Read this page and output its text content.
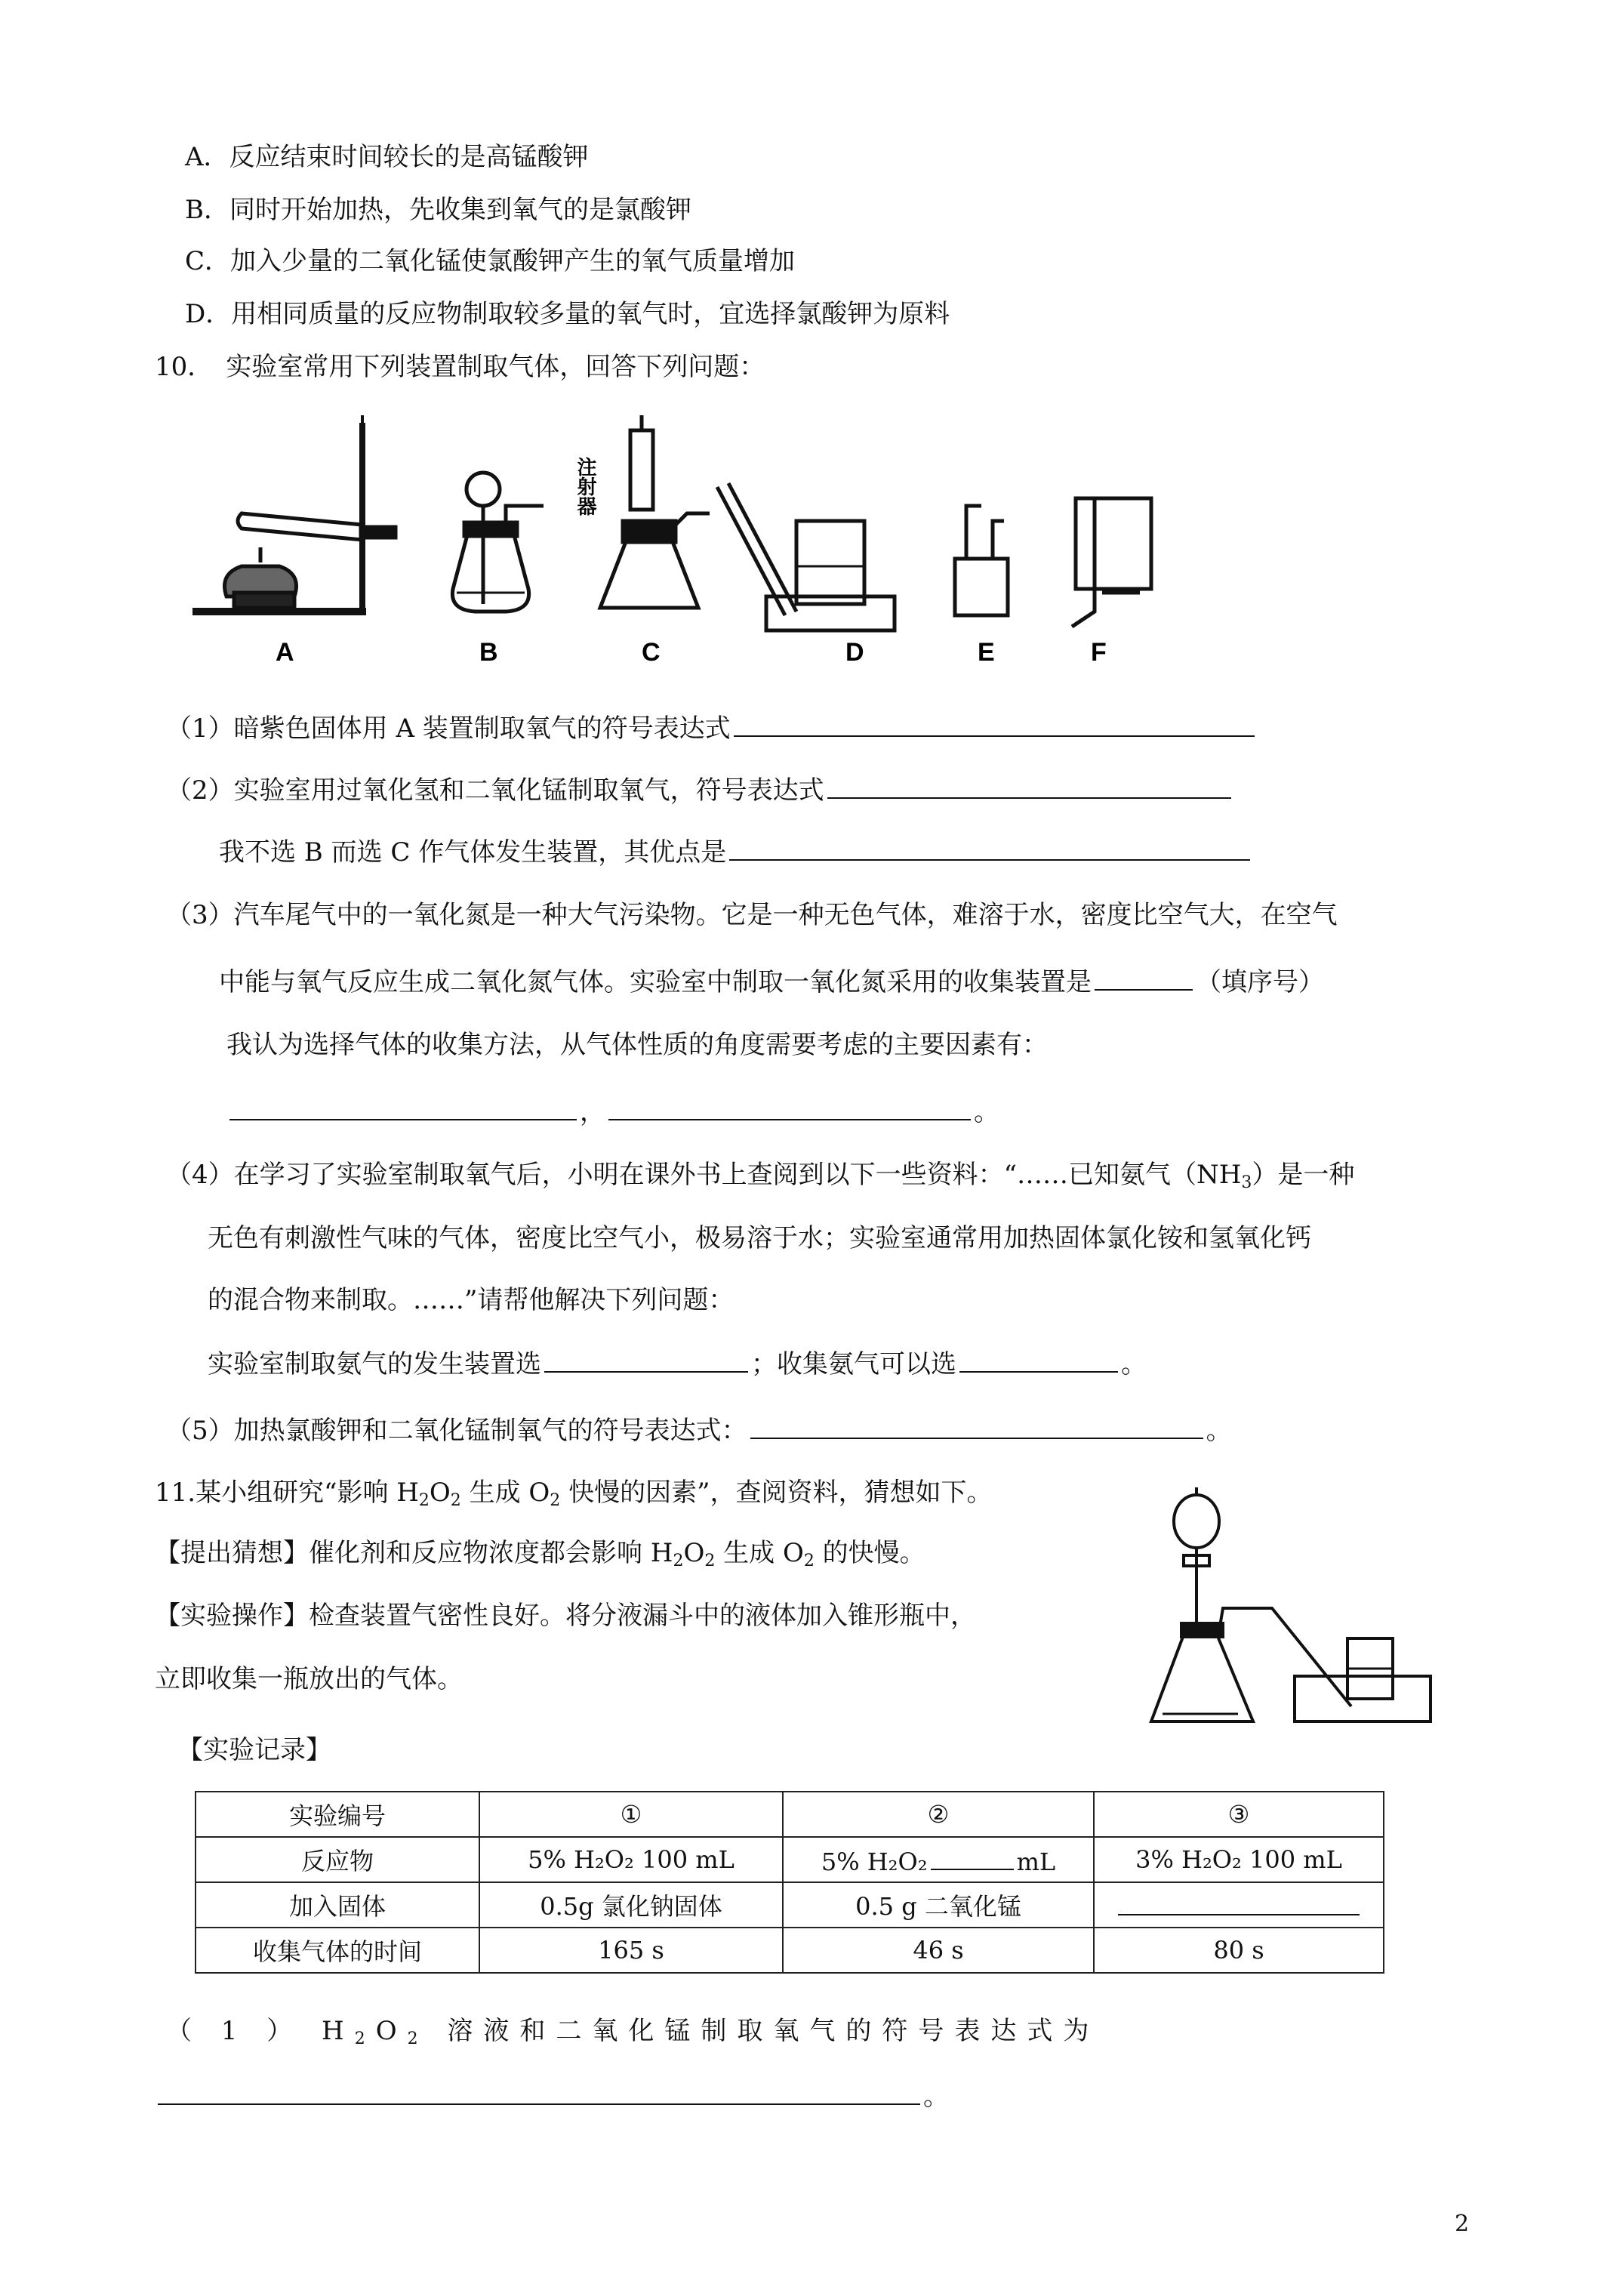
A．反应结束时间较长的是高锰酸钾
B．同时开始加热，先收集到氧气的是氯酸钾
C．加入少量的二氧化锰使氯酸钾产生的氧气质量增加
D．用相同质量的反应物制取较多量的氧气时，宜选择氯酸钾为原料
10．　实验室常用下列装置制取气体，回答下列问题：
A	B	C	D	E	F
注射器
（1）暗紫色固体用 A 装置制取氧气的符号表达式
（2）实验室用过氧化氢和二氧化锰制取氧气，符号表达式
我不选 B 而选 C 作气体发生装置，其优点是
（3）汽车尾气中的一氧化氮是一种大气污染物。它是一种无色气体，难溶于水，密度比空气大，在空气
中能与氧气反应生成二氧化氮气体。实验室中制取一氧化氮采用的收集装置是	（填序号）
我认为选择气体的收集方法，从气体性质的角度需要考虑的主要因素有：
，	。
（4）在学习了实验室制取氧气后，小明在课外书上查阅到以下一些资料：“……已知氨气$(NH_3)$是一种
无色有刺激性气味的气体，密度比空气小，极易溶于水；实验室通常用加热固体氯化铵和氢氧化钙
的混合物来制取。……”请帮他解决下列问题：
实验室制取氨气的发生装置选	；收集氨气可以选	。
（5）加热氯酸钾和二氧化锰制氧气的符号表达式：	。
11.某小组研究“影响 $H_2O_2$ 生成 $O_2$ 快慢的因素”，查阅资料，猜想如下。
【提出猜想】催化剂和反应物浓度都会影响 $H_2O_2$ 生成 $O_2$ 的快慢。
【实验操作】检查装置气密性良好。将分液漏斗中的液体加入锥形瓶中，
立即收集一瓶放出的气体。
【实验记录】
实验编号	①	②	③
反应物	5% H₂O₂ 100 mL	5% H₂O₂ mL	3% H₂O₂ 100 mL
加入固体	0.5g 氯化钠固体	0.5 g 二氧化锰	
收集气体的时间	165 s	46 s	80 s
（ 1 ） $H_2O_2$ 溶液和二氧化锰制取氧气的符号表达式为
。
2
